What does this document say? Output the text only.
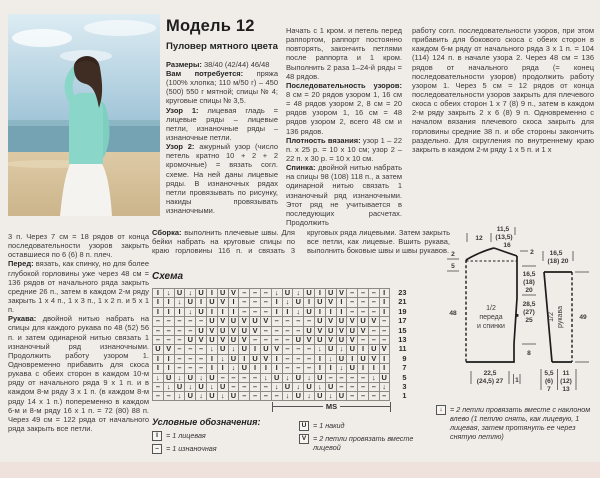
Модель 12
Пуловер мятного цвета

Размеры: 38/40 (42/44) 46/48

Вам потребуется: пряжа (100% хлопка; 110 м/50 г) – 450 (500) 550 г мятной; спицы № 4; круговые спицы № 3,5.

Узор 1: лицевая гладь = лицевые ряды – лицевые петли, изнаночные ряды – изнаночные петли.

Узор 2: ажурный узор (число петель кратно 10 + 2 + 2 кромочные) = вязать согл. схеме. На ней даны лицевые ряды. В изнаночных рядах петли провязывать по рисунку, накиды провязывать изнаночными.

Начать с 1 кром. и петель перед раппортом, раппорт постоянно повторять, закончить петлями после раппорта и 1 кром. Выполнить 2 раза 1–24-й ряды = 48 рядов.

Последовательность узоров: 8 см = 20 рядов узором 1, 16 см = 48 рядов узором 2, 8 см = 20 рядов узором 1, 16 см = 48 рядов узором 2, всего 48 см и 136 рядов.

Плотность вязания: узор 1 – 22 п. х 25 р. = 10 х 10 см; узор 2 – 22 п. х 30 р. = 10 х 10 см.

Спинка: двойной нитью набрать на спицы 98 (108) 118 п., а затем одинарной нитью связать 1 изнаночный ряд изнаночными. Этот ряд не учитывается в последующих расчетах. Продолжить

работу согл. последовательности узоров, при этом прибавить для бокового скоса с обеих сторон в каждом 6-м ряду от начального ряда 3 х 1 п. = 104 (114) 124 п. в начале узора 2. Через 48 см = 136 рядов от начального ряда (= конец последовательности узоров) продолжить работу узором 1. Через 5 см = 12 рядов от конца последовательности узоров закрыть для плечевого скоса с обеих сторон 1 х 7 (8) 9 п., затем в каждом 2-м ряду закрыть 2 х 6 (8) 9 п. Одновременно с началом вязания плечевого скоса закрыть для горловины средние 38 п. и обе стороны закончить раздельно. Для скругления по внутреннему краю закрыть в каждом 2-м ряду 1 х 5 п. и 1 х

3 п. Через 7 см = 18 рядов от конца последовательности узоров закрыть оставшиеся по 6 (6) 8 п. плеч.

Перед: вязать, как спинку, но для более глубокой горловины уже через 48 см = 136 рядов от начального ряда закрыть средние 26 п., затем в каждом 2-м ряду закрыть 1 х 4 п., 1 х 3 п., 1 х 2 п. и 5 х 1 п.

Рукава: двойной нитью набрать на спицы для каждого рукава по 48 (52) 56 п. и затем одинарной нитью связать 1 изнаночный ряд изнаночными. Продолжить работу узором 1. Одновременно прибавить для скоса рукава с обеих сторон в каждом 10-м ряду от начального ряда 9 х 1 п. и в каждом 8-м ряду 3 х 1 п. (в каждом 8-м ряду 14 х 1 п.) попеременно в каждом 6-м и 8-м ряду 16 х 1 п. = 72 (80) 88 п. Через 49 см = 122 ряда от начального ряда закрыть все петли.

Сборка: выполнить плечевые швы. Для бейки набрать на круговые спицы по краю горловины 116 п. и связать 3 круговых ряда лицевыми. Затем закрыть все петли, как лицевые. Вшить рукава, выполнить боковые швы и швы рукавов.

Схема
I	↓ U ↓ U I U V – – – ↓ U ↓ U I U V – – – I	23
I	I	↓ U I U V I	– – –	I	↓ U I U V I	– – – I	21
I	I	I	↓ U I	I	I	– – –	I	I	↓ U I	I	I	– – – I	19
– – – – – U V U V U V – – – – U V U V U V –	17
– – – – U V U V U V – – – – U V U V U V – –	15
– – – U V U V U V – – – – U V U V U V – – –	13
U V – – – ↓ U ↓ U I U V – – – ↓ U ↓ U I U V	11
I	I	– – –	I	↓ U I U V I	– – –	I	↓ U I U V I	9
I	I	– – –	I	I	↓ U I	I	I	– – –	I	I	↓ U I	I	I	7
↓ U ↓ U ↓ U – – – – ↓ U ↓ U ↓ U – – – – ↓ U	5
– ↓ U ↓ U ↓ U – – – – ↓ U ↓ U ↓ U – – – – ↓	3
– – ↓ U ↓ U ↓ U – – – – ↓ U ↓ U ↓ U – – – –	1
MS
Условные обозначения:
I	= 1 лицевая
– = 1 изнаночная
U = 1 накид
V = 2 петли провязать вместе лицевой
↓	= 2 петли провязать вместе с наклоном влево (1 петлю снять, как лицевую, 1 лицевая, затем протянуть ее через снятую петлю)
12
11,5
(13,5)
16
2
5
48
2
16,5
(18)
20
28,5
(27)
25
8
22,5
(24,5) 27 1
1/2
переда
и спинки
16,5
(18) 20
49
5,5
(6)
7
11
(12)
13
1/2 рукава
